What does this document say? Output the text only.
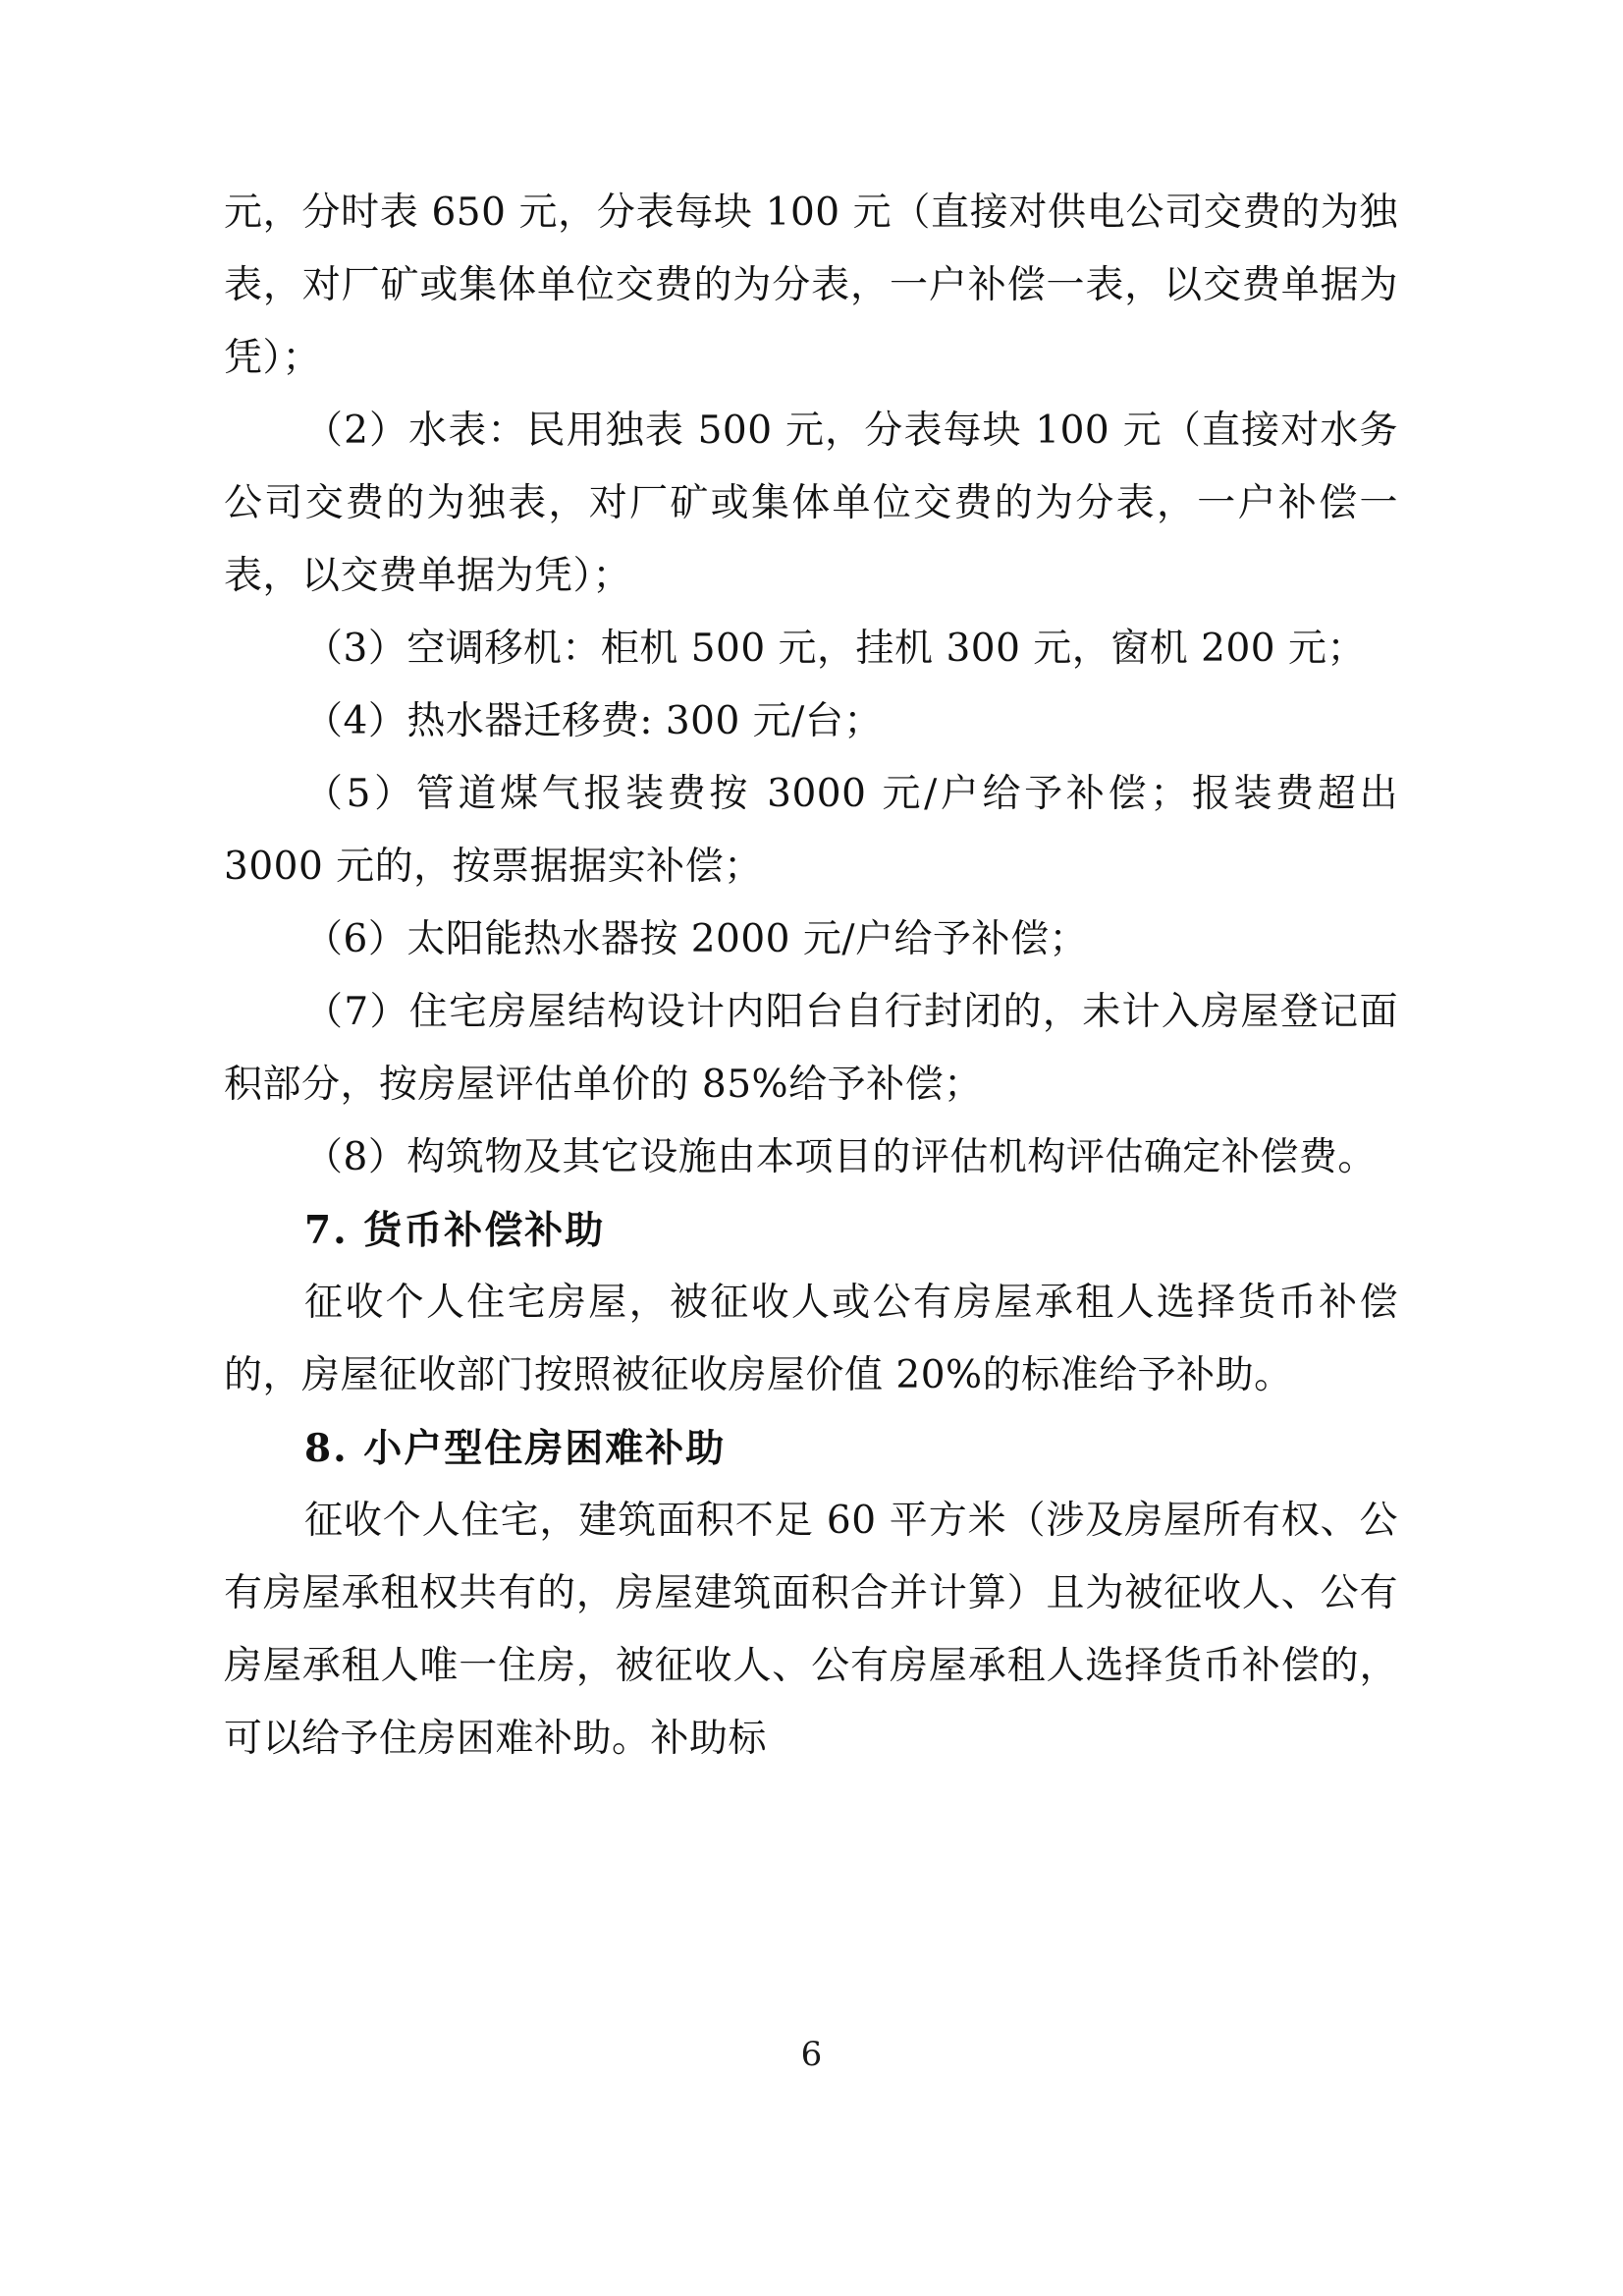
元，分时表 650 元，分表每块 100 元（直接对供电公司交费的为独表，对厂矿或集体单位交费的为分表，一户补偿一表，以交费单据为凭）；

（2）水表：民用独表 500 元，分表每块 100 元（直接对水务公司交费的为独表，对厂矿或集体单位交费的为分表，一户补偿一表，以交费单据为凭）；

（3）空调移机：柜机 500 元，挂机 300 元，窗机 200 元；

（4）热水器迁移费: 300 元/台；

（5）管道煤气报装费按 3000 元/户给予补偿；报装费超出 3000 元的，按票据据实补偿；

（6）太阳能热水器按 2000 元/户给予补偿；

（7）住宅房屋结构设计内阳台自行封闭的，未计入房屋登记面积部分，按房屋评估单价的 85%给予补偿；

（8）构筑物及其它设施由本项目的评估机构评估确定补偿费。

7. 货币补偿补助

征收个人住宅房屋，被征收人或公有房屋承租人选择货币补偿的，房屋征收部门按照被征收房屋价值 20%的标准给予补助。

8. 小户型住房困难补助

征收个人住宅，建筑面积不足 60 平方米（涉及房屋所有权、公有房屋承租权共有的，房屋建筑面积合并计算）且为被征收人、公有房屋承租人唯一住房，被征收人、公有房屋承租人选择货币补偿的，可以给予住房困难补助。补助标

6
